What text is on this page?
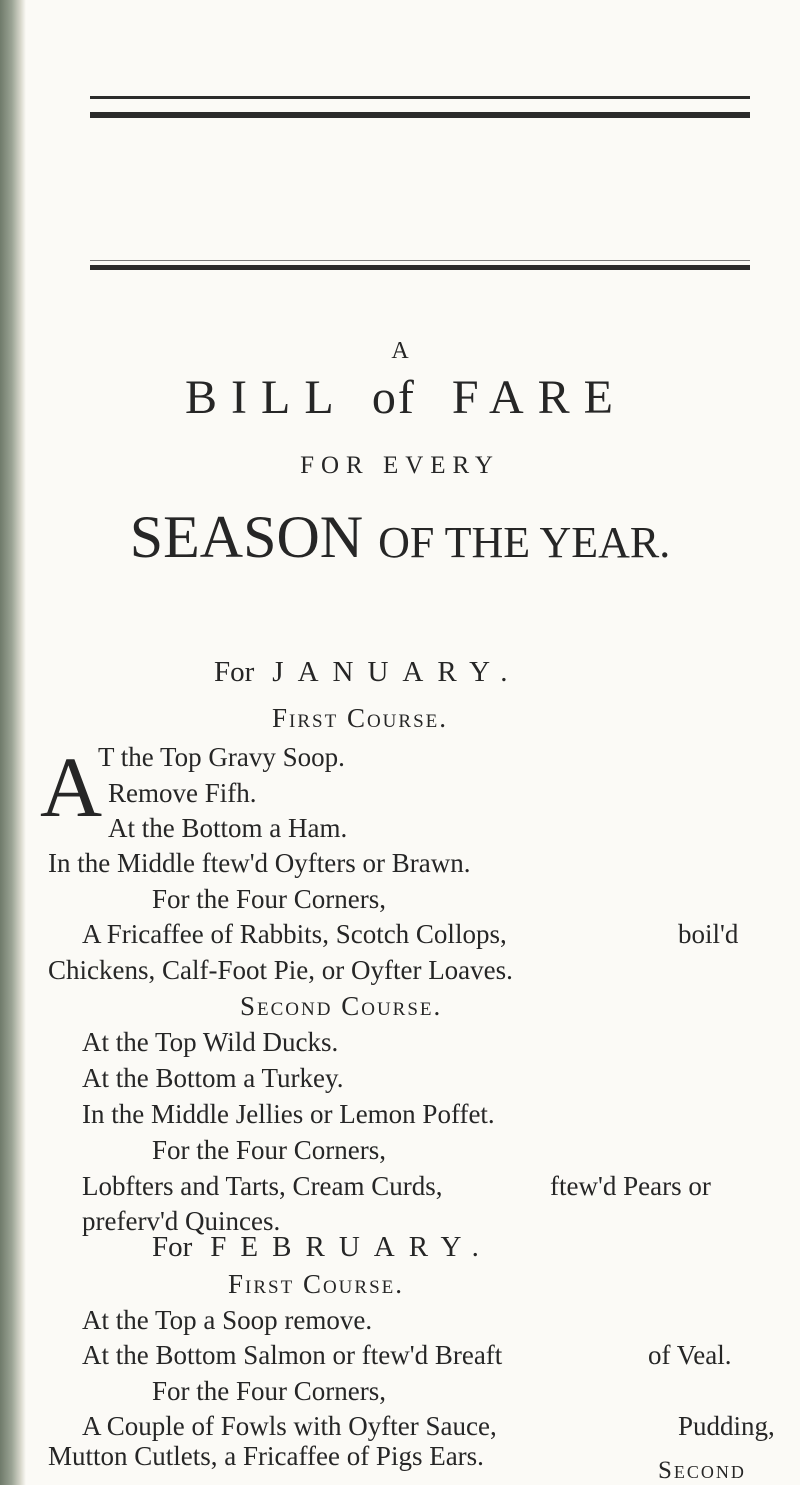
A
BILL of FARE
FOR EVERY
SEASON OF THE YEAR.
For JANUARY.
First Course.
A
T the Top Gravy Soop.
Remove Fifh.
At the Bottom a Ham.
In the Middle ftew'd Oyfters or Brawn.
For the Four Corners,
A Fricaffee of Rabbits, Scotch Collops,	boil'd
Chickens, Calf-Foot Pie, or Oyfter Loaves.
Second Course.
At the Top Wild Ducks.
At the Bottom a Turkey.
In the Middle Jellies or Lemon Poffet.
For the Four Corners,
Lobfters and Tarts, Cream Curds,	ftew'd Pears or
preferv'd Quinces.
For FEBRUARY.
First Course.
At the Top a Soop remove.
At the Bottom Salmon or ftew'd Breaft	of Veal.
For the Four Corners,
A Couple of Fowls with Oyfter Sauce,	Pudding,
Mutton Cutlets, a Fricaffee of Pigs Ears.	Second
